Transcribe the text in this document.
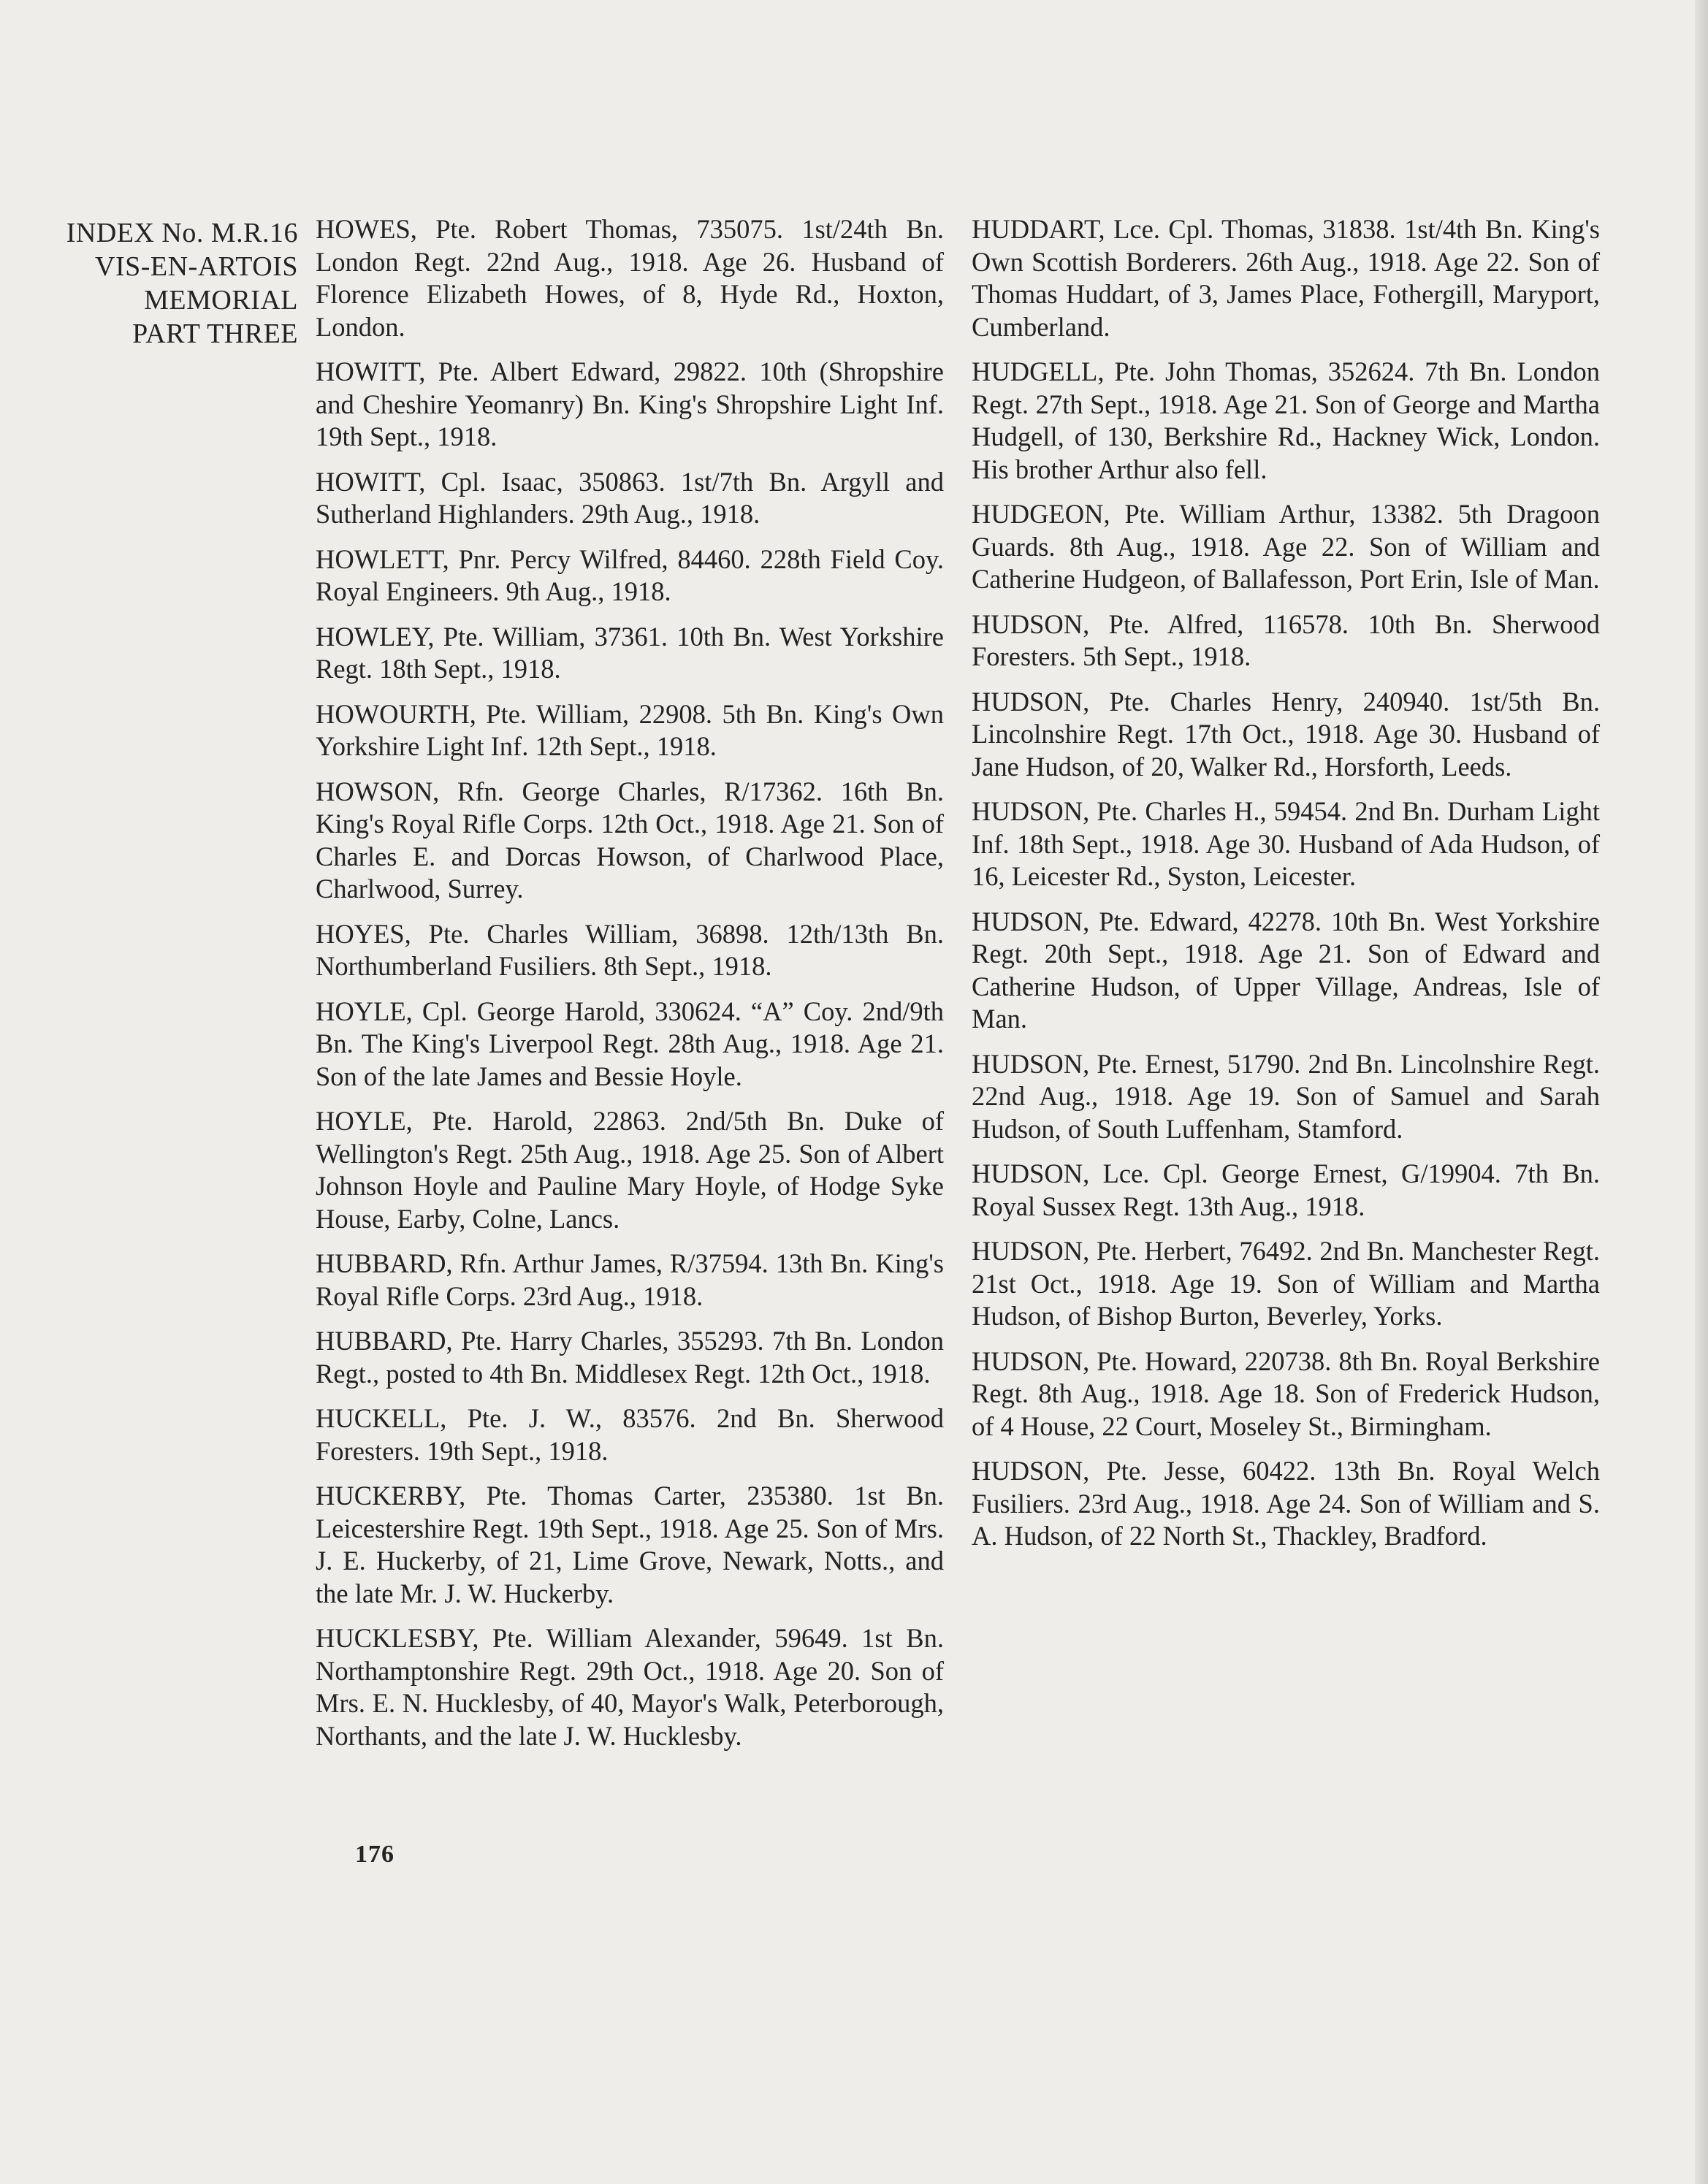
INDEX No. M.R.16
VIS-EN-ARTOIS
MEMORIAL
PART THREE

HOWES, Pte. Robert Thomas, 735075. 1st/24th Bn. London Regt. 22nd Aug., 1918. Age 26. Husband of Florence Elizabeth Howes, of 8, Hyde Rd., Hoxton, London.

HOWITT, Pte. Albert Edward, 29822. 10th (Shropshire and Cheshire Yeomanry) Bn. King's Shropshire Light Inf. 19th Sept., 1918.

HOWITT, Cpl. Isaac, 350863. 1st/7th Bn. Argyll and Sutherland Highlanders. 29th Aug., 1918.

HOWLETT, Pnr. Percy Wilfred, 84460. 228th Field Coy. Royal Engineers. 9th Aug., 1918.

HOWLEY, Pte. William, 37361. 10th Bn. West Yorkshire Regt. 18th Sept., 1918.

HOWOURTH, Pte. William, 22908. 5th Bn. King's Own Yorkshire Light Inf. 12th Sept., 1918.

HOWSON, Rfn. George Charles, R/17362. 16th Bn. King's Royal Rifle Corps. 12th Oct., 1918. Age 21. Son of Charles E. and Dorcas Howson, of Charlwood Place, Charlwood, Surrey.

HOYES, Pte. Charles William, 36898. 12th/13th Bn. Northumberland Fusiliers. 8th Sept., 1918.

HOYLE, Cpl. George Harold, 330624. “A” Coy. 2nd/9th Bn. The King's Liverpool Regt. 28th Aug., 1918. Age 21. Son of the late James and Bessie Hoyle.

HOYLE, Pte. Harold, 22863. 2nd/5th Bn. Duke of Wellington's Regt. 25th Aug., 1918. Age 25. Son of Albert Johnson Hoyle and Pauline Mary Hoyle, of Hodge Syke House, Earby, Colne, Lancs.

HUBBARD, Rfn. Arthur James, R/37594. 13th Bn. King's Royal Rifle Corps. 23rd Aug., 1918.

HUBBARD, Pte. Harry Charles, 355293. 7th Bn. London Regt., posted to 4th Bn. Middlesex Regt. 12th Oct., 1918.

HUCKELL, Pte. J. W., 83576. 2nd Bn. Sherwood Foresters. 19th Sept., 1918.

HUCKERBY, Pte. Thomas Carter, 235380. 1st Bn. Leicestershire Regt. 19th Sept., 1918. Age 25. Son of Mrs. J. E. Huckerby, of 21, Lime Grove, Newark, Notts., and the late Mr. J. W. Huckerby.

HUCKLESBY, Pte. William Alexander, 59649. 1st Bn. Northamptonshire Regt. 29th Oct., 1918. Age 20. Son of Mrs. E. N. Hucklesby, of 40, Mayor's Walk, Peterborough, Northants, and the late J. W. Hucklesby.

HUDDART, Lce. Cpl. Thomas, 31838. 1st/4th Bn. King's Own Scottish Borderers. 26th Aug., 1918. Age 22. Son of Thomas Huddart, of 3, James Place, Fothergill, Maryport, Cumberland.

HUDGELL, Pte. John Thomas, 352624. 7th Bn. London Regt. 27th Sept., 1918. Age 21. Son of George and Martha Hudgell, of 130, Berkshire Rd., Hackney Wick, London. His brother Arthur also fell.

HUDGEON, Pte. William Arthur, 13382. 5th Dragoon Guards. 8th Aug., 1918. Age 22. Son of William and Catherine Hudgeon, of Ballafesson, Port Erin, Isle of Man.

HUDSON, Pte. Alfred, 116578. 10th Bn. Sherwood Foresters. 5th Sept., 1918.

HUDSON, Pte. Charles Henry, 240940. 1st/5th Bn. Lincolnshire Regt. 17th Oct., 1918. Age 30. Husband of Jane Hudson, of 20, Walker Rd., Horsforth, Leeds.

HUDSON, Pte. Charles H., 59454. 2nd Bn. Durham Light Inf. 18th Sept., 1918. Age 30. Husband of Ada Hudson, of 16, Leicester Rd., Syston, Leicester.

HUDSON, Pte. Edward, 42278. 10th Bn. West Yorkshire Regt. 20th Sept., 1918. Age 21. Son of Edward and Catherine Hudson, of Upper Village, Andreas, Isle of Man.

HUDSON, Pte. Ernest, 51790. 2nd Bn. Lincolnshire Regt. 22nd Aug., 1918. Age 19. Son of Samuel and Sarah Hudson, of South Luffenham, Stamford.

HUDSON, Lce. Cpl. George Ernest, G/19904. 7th Bn. Royal Sussex Regt. 13th Aug., 1918.

HUDSON, Pte. Herbert, 76492. 2nd Bn. Manchester Regt. 21st Oct., 1918. Age 19. Son of William and Martha Hudson, of Bishop Burton, Beverley, Yorks.

HUDSON, Pte. Howard, 220738. 8th Bn. Royal Berkshire Regt. 8th Aug., 1918. Age 18. Son of Frederick Hudson, of 4 House, 22 Court, Moseley St., Birmingham.

HUDSON, Pte. Jesse, 60422. 13th Bn. Royal Welch Fusiliers. 23rd Aug., 1918. Age 24. Son of William and S. A. Hudson, of 22 North St., Thackley, Bradford.

176
